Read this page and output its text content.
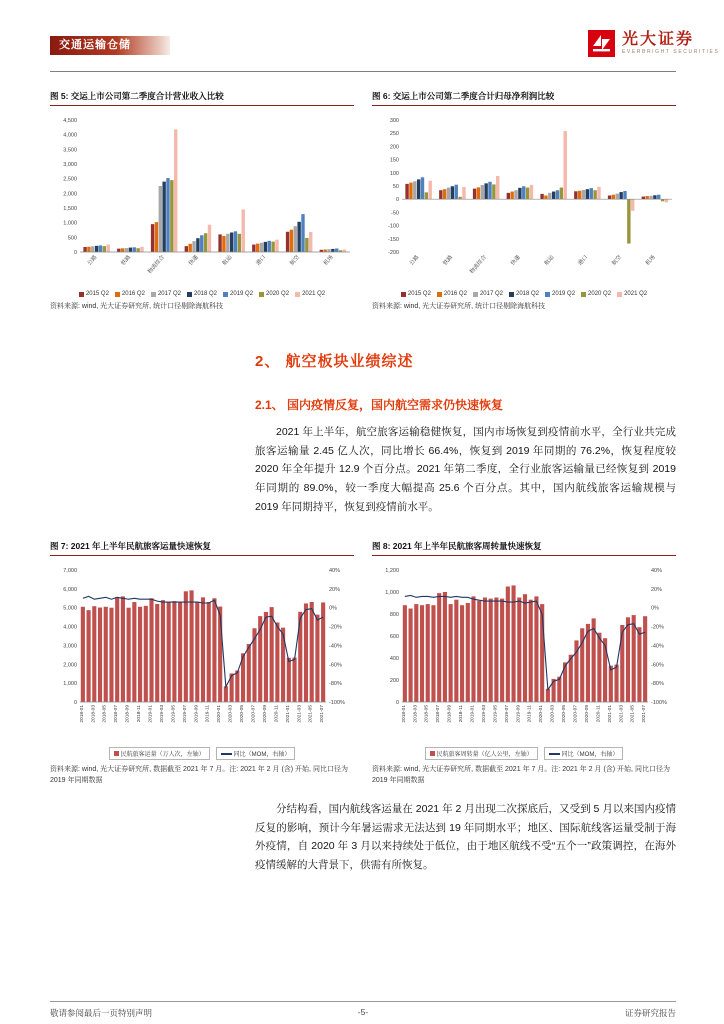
交通运输仓储	光大证券
EVERBRIGHT SECURITIES
图 5: 交运上市公司第二季度合计营业收入比较
0
500
1,000
1,500
2,000
2,500
3,000
3,500
4,000
4,500
公路	铁路	物流综合	快递	航运	港口	航空	机场
2015 Q2 2016 Q2 2017 Q2 2018 Q2 2019 Q2 2020 Q2 2021 Q2
资料来源: wind, 光大证券研究所, 统计口径剔除海航科技
图 6: 交运上市公司第二季度合计归母净利润比较
-200
-150
-100
-50
0
50
100
150
200
250
300
公路	铁路	物流综合	快递	航运	港口	航空	机场
2015 Q2 2016 Q2 2017 Q2 2018 Q2 2019 Q2 2020 Q2 2021 Q2
资料来源: wind, 光大证券研究所, 统计口径剔除海航科技
2、 航空板块业绩综述
2.1、 国内疫情反复，国内航空需求仍快速恢复
2021 年上半年，航空旅客运输稳健恢复，国内市场恢复到疫情前水平，全行业共完成旅客运输量 2.45 亿人次，同比增长 66.4%，恢复到 2019 年同期的 76.2%，恢复程度较 2020 年全年提升 12.9 个百分点。2021 年第二季度，全行业旅客运输量已经恢复到 2019 年同期的 89.0%，较一季度大幅提高 25.6 个百分点。其中，国内航线旅客运输规模与 2019 年同期持平，恢复到疫情前水平。
图 7: 2021 年上半年民航旅客运量快速恢复
0
1,000
2,000
3,000
4,000
5,000
6,000
7,000	40%
20%
0%
-20%
-40%
-60%
-80%
-100%
2018-01 2018-03 2018-05 2018-07 2018-09 2018-11 2019-01 2019-03 2019-05 2019-07 2019-09 2019-11 2020-01 2020-03 2020-05 2020-07 2020-09 2020-11 2021-01 2021-03 2021-05 2021-07
民航旅客运量（万人次，左轴）	同比（MOM，右轴）
资料来源: wind, 光大证券研究所, 数据截至 2021 年 7 月。注: 2021 年 2 月 (含) 开始, 同比口径为 2019 年同期数据
图 8: 2021 年上半年民航旅客周转量快速恢复
0
200
400
600
800
1,000
1,200	40%
20%
0%
-20%
-40%
-60%
-80%
-100%
2018-01 2018-03 2018-05 2018-07 2018-09 2018-11 2019-01 2019-03 2019-05 2019-07 2019-09 2019-11 2020-01 2020-03 2020-05 2020-07 2020-09 2020-11 2021-01 2021-03 2021-05 2021-07
民航旅客周转量（亿人公里，左轴）	同比（MOM，右轴）
资料来源: wind, 光大证券研究所, 数据截至 2021 年 7 月。注: 2021 年 2 月 (含) 开始, 同比口径为 2019 年同期数据
分结构看，国内航线客运量在 2021 年 2 月出现二次探底后，又受到 5 月以来国内疫情反复的影响，预计今年暑运需求无法达到 19 年同期水平；地区、国际航线客运量受制于海外疫情，自 2020 年 3 月以来持续处于低位，由于地区航线不受“五个一”政策调控，在海外疫情缓解的大背景下，供需有所恢复。
-5-
敬请参阅最后一页特别声明	证券研究报告
